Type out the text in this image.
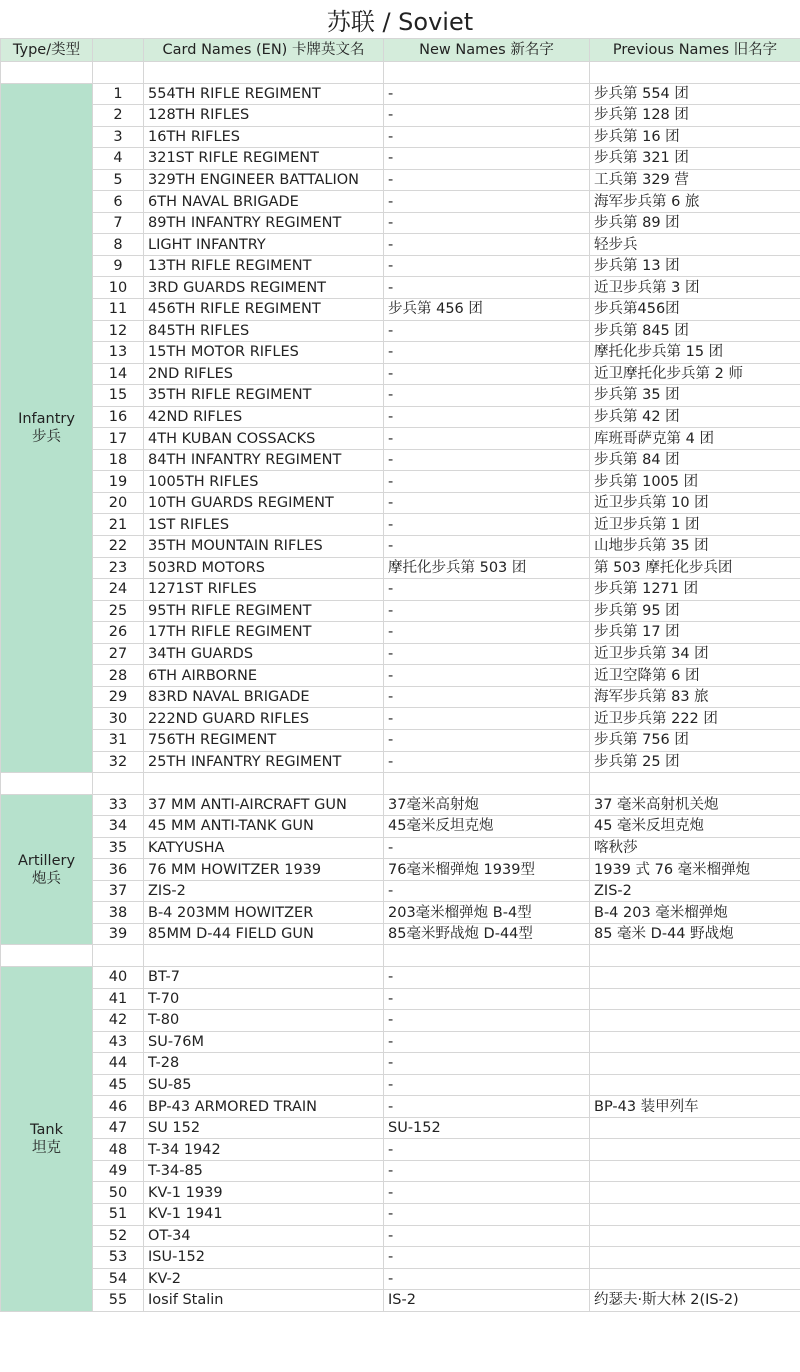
苏联 / Soviet
Type/类型		Card Names (EN) 卡牌英文名	New Names 新名字	Previous Names 旧名字

Infantry
步兵	1	554TH RIFLE REGIMENT	-	步兵第 554 团
	2	128TH RIFLES	-	步兵第 128 团
	3	16TH RIFLES	-	步兵第 16 团
	4	321ST RIFLE REGIMENT	-	步兵第 321 团
	5	329TH ENGINEER BATTALION	-	工兵第 329 营
	6	6TH NAVAL BRIGADE	-	海军步兵第 6 旅
	7	89TH INFANTRY REGIMENT	-	步兵第 89 团
	8	LIGHT INFANTRY	-	轻步兵
	9	13TH RIFLE REGIMENT	-	步兵第 13 团
	10	3RD GUARDS REGIMENT	-	近卫步兵第 3 团
	11	456TH RIFLE REGIMENT	步兵第 456 团	步兵第456团
	12	845TH RIFLES	-	步兵第 845 团
	13	15TH MOTOR RIFLES	-	摩托化步兵第 15 团
	14	2ND RIFLES	-	近卫摩托化步兵第 2 师
	15	35TH RIFLE REGIMENT	-	步兵第 35 团
	16	42ND RIFLES	-	步兵第 42 团
	17	4TH KUBAN COSSACKS	-	库班哥萨克第 4 团
	18	84TH INFANTRY REGIMENT	-	步兵第 84 团
	19	1005TH RIFLES	-	步兵第 1005 团
	20	10TH GUARDS REGIMENT	-	近卫步兵第 10 团
	21	1ST RIFLES	-	近卫步兵第 1 团
	22	35TH MOUNTAIN RIFLES	-	山地步兵第 35 团
	23	503RD MOTORS	摩托化步兵第 503 团	第 503 摩托化步兵团
	24	1271ST RIFLES	-	步兵第 1271 团
	25	95TH RIFLE REGIMENT	-	步兵第 95 团
	26	17TH RIFLE REGIMENT	-	步兵第 17 团
	27	34TH GUARDS	-	近卫步兵第 34 团
	28	6TH AIRBORNE	-	近卫空降第 6 团
	29	83RD NAVAL BRIGADE	-	海军步兵第 83 旅
	30	222ND GUARD RIFLES	-	近卫步兵第 222 团
	31	756TH REGIMENT	-	步兵第 756 团
	32	25TH INFANTRY REGIMENT	-	步兵第 25 团

Artillery
炮兵	33	37 MM ANTI-AIRCRAFT GUN	37毫米高射炮	37 毫米高射机关炮
	34	45 MM ANTI-TANK GUN	45毫米反坦克炮	45 毫米反坦克炮
	35	KATYUSHA	-	喀秋莎
	36	76 MM HOWITZER 1939	76毫米榴弹炮 1939型	1939 式 76 毫米榴弹炮
	37	ZIS-2	-	ZIS-2
	38	B-4 203MM HOWITZER	203毫米榴弹炮 B-4型	B-4 203 毫米榴弹炮
	39	85MM D-44 FIELD GUN	85毫米野战炮 D-44型	85 毫米 D-44 野战炮

Tank
坦克	40	BT-7	-	
	41	T-70	-	
	42	T-80	-	
	43	SU-76M	-	
	44	T-28	-	
	45	SU-85	-	
	46	BP-43 ARMORED TRAIN	-	BP-43 装甲列车
	47	SU 152	SU-152	
	48	T-34 1942	-	
	49	T-34-85	-	
	50	KV-1 1939	-	
	51	KV-1 1941	-	
	52	OT-34	-	
	53	ISU-152	-	
	54	KV-2	-	
	55	Iosif Stalin	IS-2	约瑟夫·斯大林 2(IS-2)
